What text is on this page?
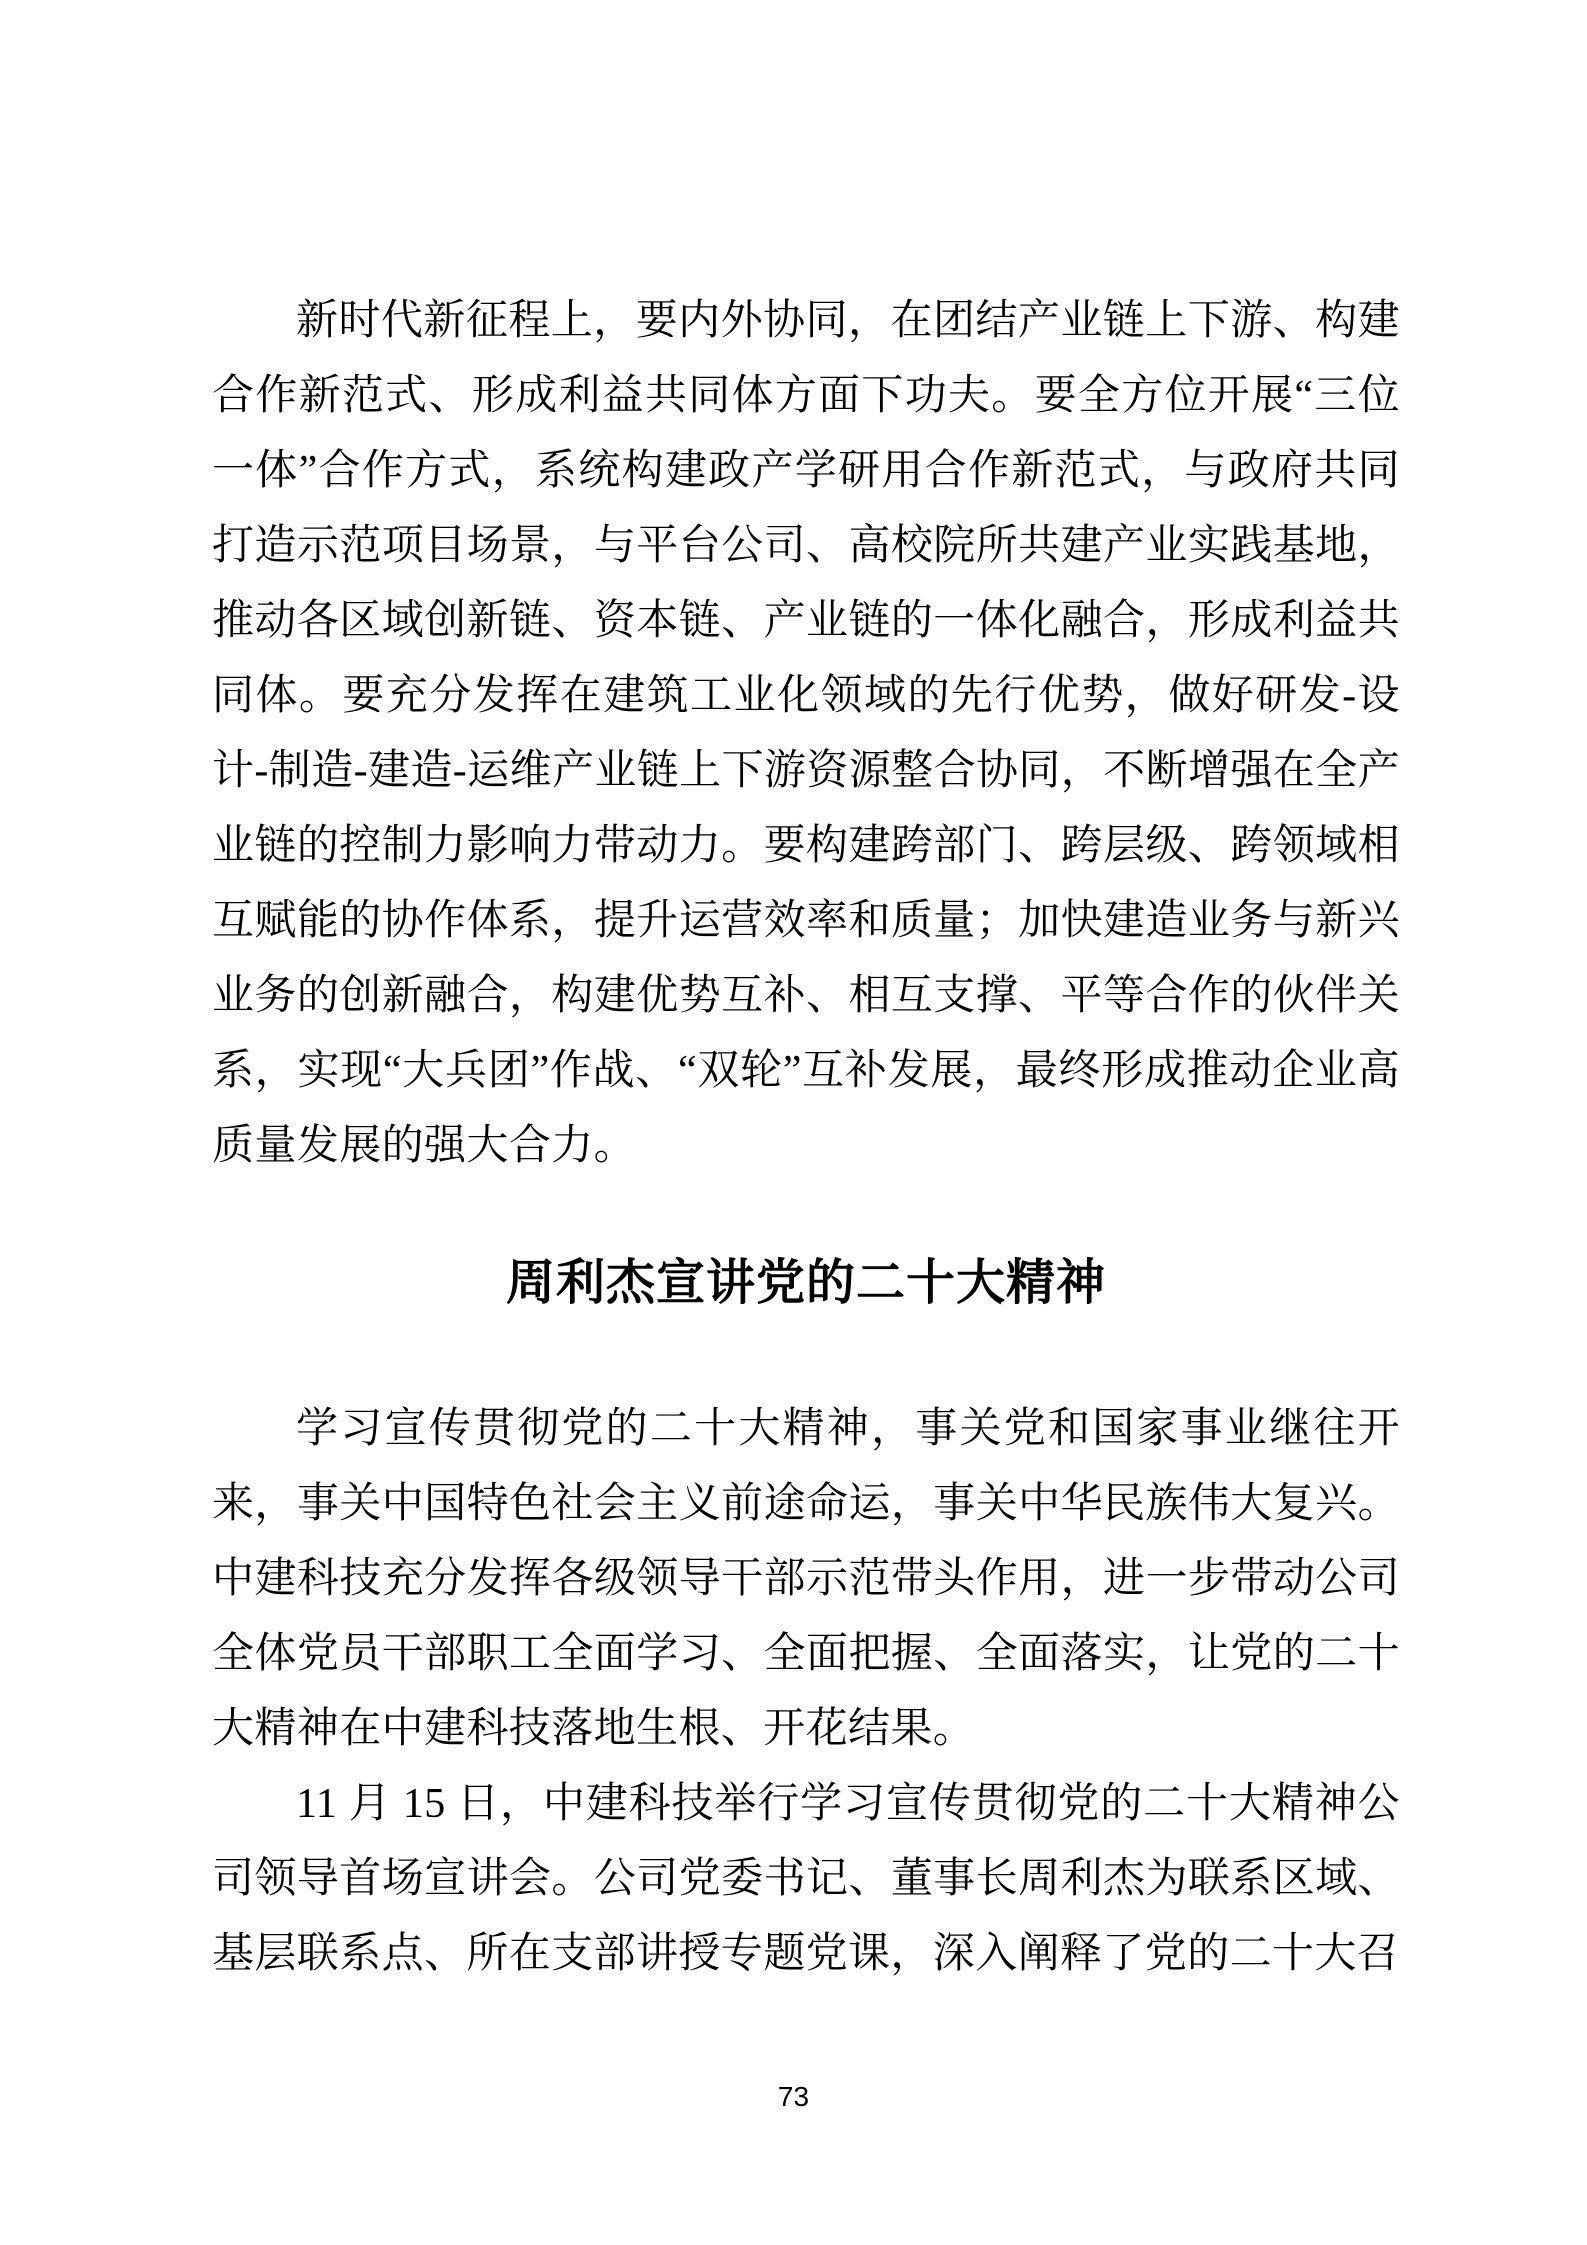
新时代新征程上，要内外协同，在团结产业链上下游、构建合作新范式、形成利益共同体方面下功夫。要全方位开展“三位一体”合作方式，系统构建政产学研用合作新范式，与政府共同打造示范项目场景，与平台公司、高校院所共建产业实践基地，推动各区域创新链、资本链、产业链的一体化融合，形成利益共同体。要充分发挥在建筑工业化领域的先行优势，做好研发-设计-制造-建造-运维产业链上下游资源整合协同，不断增强在全产业链的控制力影响力带动力。要构建跨部门、跨层级、跨领域相互赋能的协作体系，提升运营效率和质量；加快建造业务与新兴业务的创新融合，构建优势互补、相互支撑、平等合作的伙伴关系，实现“大兵团”作战、“双轮”互补发展，最终形成推动企业高质量发展的强大合力。

周利杰宣讲党的二十大精神

学习宣传贯彻党的二十大精神，事关党和国家事业继往开来，事关中国特色社会主义前途命运，事关中华民族伟大复兴。中建科技充分发挥各级领导干部示范带头作用，进一步带动公司全体党员干部职工全面学习、全面把握、全面落实，让党的二十大精神在中建科技落地生根、开花结果。

11 月 15 日，中建科技举行学习宣传贯彻党的二十大精神公司领导首场宣讲会。公司党委书记、董事长周利杰为联系区域、基层联系点、所在支部讲授专题党课，深入阐释了党的二十大召

73
